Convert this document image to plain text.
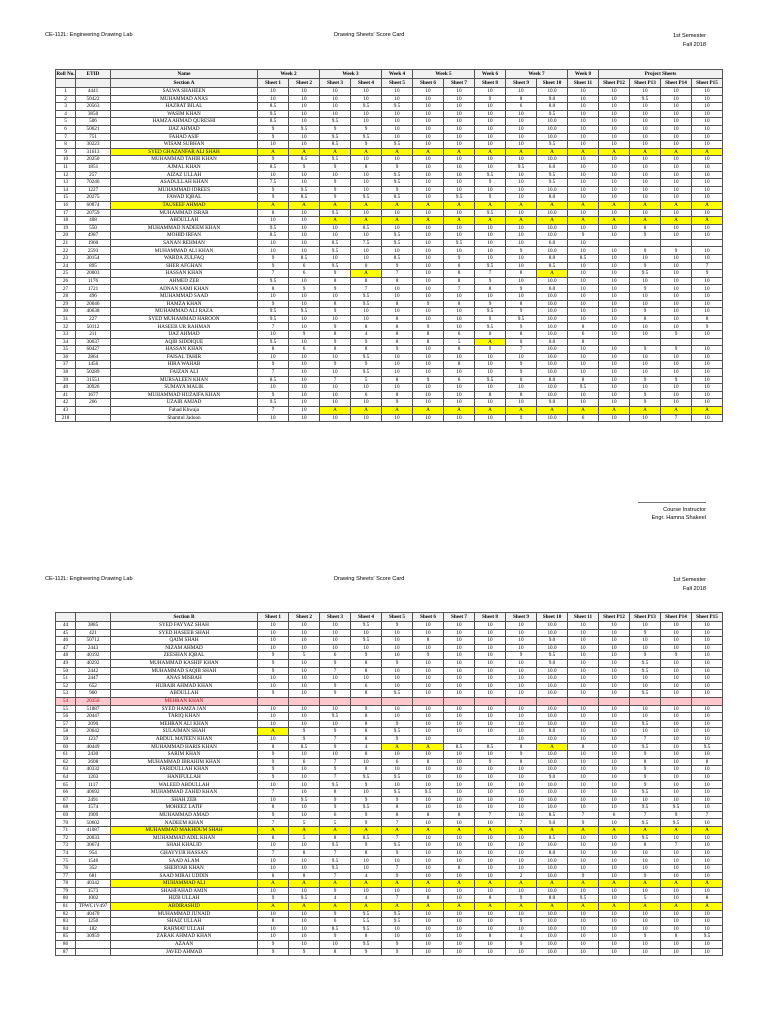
CE-112L: Engineering Drawing Lab	Drawing Sheets' Score Card	1st Semester
Fall 2018
Roll No.	ETID	Name	Week 2		Week 3		Week 4	Week 5		Week 6	Week 7		Week 8	Project Sheets			
		Section A	Sheet 1	Sheet 2	Sheet 3	Sheet 4	Sheet 5	Sheet 6	Sheet 7	Sheet 8	Sheet 9	Sheet 10	Sheet 11	Sheet P12	Sheet P13	Sheet P14	Sheet P15
1	4441	SALWA SHAHEEN	10	10	10	10	10	10	10	10	10	10.0	10	10	10	10	10
2	50422	MUHAMMAD ANAS	10	10	10	10	10	10	10	9	8	9.0	10	10	9.5	10	10
3	20563	HAZRAT BILAL	8.5	10	10	9.5	9.5	10	10	10	6	8.0	10	10	10	10	10
4	3850	WASIM KHAN	9.5	10	10	10	10	10	10	10	10	9.5	10	10	10	10	10
5	506	HAMZA AHMAD QURESHI	8.5	10	9.5	10	10	10	10	10	10	10.0	10	10	10	10	10
6	50621	IJAZ AHMAD	9	9.5	9	9	10	10	10	10	10	10.0	10	10	10	10	10
7	751	FAHAD ASIF	9	10	9.5	9.5	10	10	10	10	10	10.0	10	10	10	10	10
8	30223	WISAM SUBHAN	10	10	8.5	9	9.5	10	10	10	10	9.5	10	10	10	10	10
9	31613	SYED GHAZANFAR ALI SHAH	A	A	A	A	A	A	A	A	A	A	A	A	A	A	A
10	20250	MUHAMMAD TAHIR KHAN	9	8.5	9.5	10	10	10	10	10	10	10.0	10	10	10	10	10
11	1851	AJMAL KHAN	8.5	9	9	8	9	10	10	10	9.5	6.0	10	10	10	10	10
12	257	AIZAZ ULLAH	10	10	10	10	9.5	10	10	9.5	10	9.5	10	10	10	10	10
13	70246	ASADULLAH KHAN	7.5	10	9	10	9.5	10	10	9	10	9.5	10	10	10	10	10
14	1227	MUHAMMAD IDREES	9	9.5	9	10	9	10	10	10	10	10.0	10	10	10	10	10
15	20275	FAWAD IQBAL	9	8.5	9	9.5	8.5	10	9.5	9	10	8.0	10	10	10	10	10
16	60874	TAUSEEF AHMAD	A	A	A	A	A	A	A	A	A	A	A	A	A	A	A
17	20759	MUHAMMAD ISRAR	8	10	9.5	10	10	10	10	9.5	10	10.0	10	10	10	10	10
18	408	ABDULLAH	10	10	A	A	A	A	A	A	A	A	A	A	A	A	A
19	550	MUHAMMAD NADEEM KHAN	9.5	10	10	8.5	10	10	10	10	10	10.0	10	10	8	10	10
20	4987	MOHID IRFAN	8.5	10	10	10	9.5	10	10	10	10	10.0	9	10	9	10	10
21	1960	SANAN REHMAN	10	10	8.5	7.5	9.5	10	9.5	10	10	6.0	10				
22	2593	MUHAMMAD ALI KHAN	10	10	9.5	10	10	10	10	10	9	10.0	10	10	0	9	10
23	30154	WARDA ZULFAQ	9	8.5	10	10	8.5	10	9	10	10	8.0	8.5	10	10	10	10
24	895	SHER AFGHAN	9	6	9.5	0	9	10	0	9.5	10	8.5	10	10	9	10	7
25	20003	HASSAN KHAN	7	6	9	A	7	10	8	7	8	A	10	10	9.5	10	9
26	1176	AHMED ZEB	9.5	10	8	8	8	10	8	9	10	10.0	10	10	10	10	10
27	1721	ADNAN SAMI KHAN	8	9	9	7	10	10	7	8	9	6.0	10	10	9	10	10
28	496	MUHAMMAD SAAD	10	10	10	9.5	10	10	10	10	10	10.0	10	10	10	10	10
29	20046	HAMZA KHAN	9	10	8	9.5	8	9	8	9	8	10.0	10	10	10	10	10
30	40638	MUHAMMAD ALI RAZA	9.5	9.5	9	10	10	10	10	9.5	9	10.0	10	10	9	10	10
31	227	SYED MUHAMMAD HAROON	9.5	10	10	10	8	10	10	9	9.5	10.0	10	10	8	10	8
32	50112	HASEEB UR RAHMAN	7	10	9	8	8	9	10	9.5	9	10.0	8	10	10	10	9
33	211	IJAZ AHMAD	10	9	8	4	8	8	6	0	8	10.0	6	10	10	9	10
34	30037	AQIB SIDDIQUE	9.5	10	9	9	8	8	5	A	0	0.0	8				
35	60427	HASSAN KHAN	8	6	8	8	9	10	8	9	7	10.0	10	10	9	9	10
36	2864	FAISAL TAHIR	10	10	10	9.5	10	10	10	10	10	10.0	10	10	10	10	10
37	1456	HIRA WAHAB	9	10	9	9	10	10	8	10	9	10.0	10	10	10	10	10
38	50289	FAIZAN ALI	7	10	10	9.5	10	10	10	10	9	10.0	10	10	10	10	10
39	31551	MURSALEEN KHAN	8.5	10	7	5	8	9	6	9.5	0	8.0	8	10	9	9	10
40	30926	SUMAYA MALIK	10	10	10	10	10	10	10	10	10	10.0	9.5	10	10	10	10
41	1677	MUHAMMAD HUZAIFA KHAN	9	10	10	6	8	10	10	8	8	10.0	10	10	9	10	10
42	266	UZAIR AMJAD	9.5	10	10	10	9	10	10	10	10	9.0	10	10	9	10	10
43		Fahad Khwaja	7	10	A	A	A	A	A	A	A	A	A	A	A	A	A
218		Shamtul Jadoon	10	10	10	10	10	10	10	10	9	10.0	6	10	10	7	10
Course Instructor
Engr. Hamna Shakeel
CE-112L: Engineering Drawing Lab	Drawing Sheets' Score Card	1st Semester
Fall 2018
		Section B	Sheet 1	Sheet 2	Sheet 3	Sheet 4	Sheet 5	Sheet 6	Sheet 7	Sheet 8	Sheet 9	Sheet 10	Sheet 11	Sheet P12	Sheet P13	Sheet P14	Sheet P15
44	3885	SYED FAYYAZ SHAH	10	10	10	9.5	9	10	10	10	10	10.0	10	10	10	10	10
45	421	SYED HASEEB SHAH	10	10	10	10	10	10	10	10	10	10.0	10	10	9	10	10
46	50712	QAIM SHAH	10	10	10	9.5	10	8	10	10	10	9.0	10	10	10	10	10
47	2443	NIZAM AHMAD	10	10	10	10	10	10	10	10	10	10.0	10	10	10	10	10
48	40192	ZEESHAN IQBAL	9	5	6	9	10	9	10	10	9	9.5	10	10	9	9	10
49	40292	MUHAMMAD KASHIF KHAN	9	10	9	8	9	10	10	10	10	9.0	10	10	9.5	10	10
50	2442	MUHAMMAD SAQIB SHAH	9	10	7	8	10	10	10	10	10	10.0	10	10	9.5	10	10
51	2447	ANAS MISBAH	10	10	10	10	10	10	10	10	10	10.0	10	10	10	10	10
52	652	HURAIR AHMAD KHAN	10	10	9	6	10	10	10	10	10	10.0	10	10	10	10	10
53	900	ABDULLAH	9	10	9	8	9.5	10	10	10	10	10.0	10	10	9.5	10	10
54	20356	MEHRAN KHAN															
55	51887	SYED HAMZA JAN	10	10	10	9	10	10	10	10	10	10.0	10	10	10	10	10
56	20447	TARIQ KHAN	10	10	9.5	8	10	10	10	10	10	10.0	10	10	10	10	10
57	2090	MEHRAN ALI KHAN	10	10	10	8	9	10	10	10	10	10.0	10	10	9.5	10	10
58	20642	SULAIMAN SHAH	A	9	9	8	9.5	10	10	10	10	8.0	10	10	10	10	10
59	1237	ABDUL MATEEN KHAN	10	9	7	8	9	10			10	10.0	10	10	7	10	10
60	40449	MUHAMMAD HARIS KHAN	8	8.5	9	4	A	A	8.5	8.5	8	A	8	10	9.5	10	9.5
61	2430	SARIM KHAN	9	10	10	8	10	10	10	10	9	10.0	10	10	9	10	10
62	2608	MUHAMMAD IBRAHIM KHAN	9	6	7	10	6	8	10	9	8	10.0	10	10	8	10	8
63	40332	FARIDULLAH KHAN	9	10	9	8	10	10	10	10	10	10.0	10	10	9	10	10
64	1203	HANIFULLAH	9	10	7	9.5	9.5	10	10	10	10	9.0	10	10	9	10	10
65	1117	WALEED ABDULLAH	10	10	9.5	9	10	10	10	10	10	10.0	10	10	9	10	10
66	40692	MUHAMMAD ZAHID KHAN	7	10	8	10	9.5	9.5	10	10	10	10.0	10	10	9.5	10	10
67	2491	SHAH ZEB	10	9.5	9	9	9	10	10	10	10	10.0	10	10	10	10	10
68	1574	MOHEEZ LATIF	8	10	9	9.5	8	10	10	10	10	10.0	10	10	9.5	9.5	10
69	1909	MUHAMMAD AMAD	9	10	6	9	8	8	8	7	10	8.5	7	6	7	9	7
70	50602	NADEEM KHAN	7	5	5	9	7	10	10	10	7	9.0	9	10	9.5	9.5	10
71	41087	MUHAMMAD MAKHDUM SHAH	A	A	A	A	A	A	A	A	A	A	A	A	A	A	A
72	20033	MUHAMMAD ADIL KHAN	8	5	8	8.5	7	10	10	10	10	8.5	10	10	9.5	10	10
73	30674	SHAH KHALID	10	10	9.5	9	9.5	10	10	10	10	10.0	10	10	8	7	10
74	954	GHAYYUR HASSAN	7	8	7	8	9	10	10	10	10	8.0	10	10	10	10	10
75	1546	SAAD ALAM	10	10	9.5	10	10	10	10	10	10	10.0	10	10	10	10	10
76	352	SHERYAR KHAN	10	10	9.5	10	7	10	8	10	10	10.0	10	10	10	10	10
77	681	SAAD MIRAJ UDDIN	8	8	7	4	9	10	10	10	2	10.0	9	10	9	10	10
78	40342	MUHAMMAD ALI	A	A	A	A	A	A	A	A	A	A	A	A	A	A	A
79	1573	SHAHFAHAD AMIN	10	10	9	10	10	10	10	10	10	10.0	10	10	10	10	10
80	1002	HIZB ULLAH	9	9.5	4	4	7	8	10	8	9	8.0	9.5	10	5	10	8
81	TPWC1V497	ABDIRASHID	A	A	A	A	A	A	A	A	A	A	A	A	A	A	A
82	40470	MUHAMMAD JUNAID	10	10	9	9.5	9.5	10	10	10	10	10.0	10	10	10	10	10
83	1250	SHAIZ ULLAH	8	10	6	5.5	9.5	10	10	10	9	10.0	10	10	10	10	10
84	182	RAHMAT ULLAH	10	10	8.5	9.5	10	10	10	10	10	10.0	10	10	10	10	10
85	30959	ZARAK AHMAD KHAN	10	10	9	8	10	10	10	8	4	10.0	10	10	9	8	9.5
86		AZAAN	9	10	10	9.5	9	10	10	10	9	10.0	10	10	10	10	10
87		JAVED AHMAD	9	9	8	9	9	10	10	10	10	10.0	10	10	10	10	10
